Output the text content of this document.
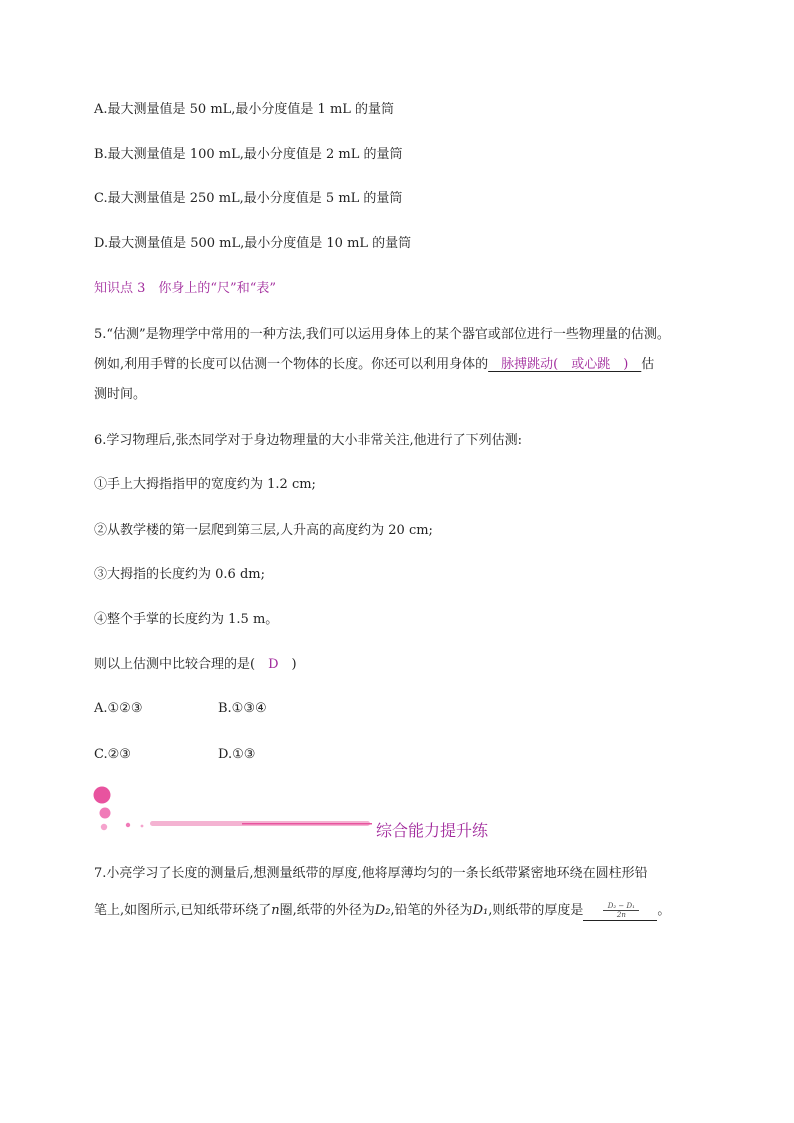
A.最大测量值是 50 mL,最小分度值是 1 mL 的量筒
B.最大测量值是 100 mL,最小分度值是 2 mL 的量筒
C.最大测量值是 250 mL,最小分度值是 5 mL 的量筒
D.最大测量值是 500 mL,最小分度值是 10 mL 的量筒
知识点 3　你身上的“尺”和“表”
5.“估测”是物理学中常用的一种方法,我们可以运用身体上的某个器官或部位进行一些物理量的估测。
例如,利用手臂的长度可以估测一个物体的长度。你还可以利用身体的　脉搏跳动(　或心跳　)　估
测时间。
6.学习物理后,张杰同学对于身边物理量的大小非常关注,他进行了下列估测:
①手上大拇指指甲的宽度约为 1.2 cm;
②从教学楼的第一层爬到第三层,人升高的高度约为 20 cm;
③大拇指的长度约为 0.6 dm;
④整个手掌的长度约为 1.5 m。
则以上估测中比较合理的是(　D　)
A.①②③	B.①③④
C.②③	D.①③
综合能力提升练
7.小亮学习了长度的测量后,想测量纸带的厚度,他将厚薄均匀的一条长纸带紧密地环绕在圆柱形铅
笔上,如图所示,已知纸带环绕了n圈,纸带的外径为D₂,铅笔的外径为D₁,则纸带的厚度是	$\frac{\text{D₂ − D₁}}{2n}$ 。
